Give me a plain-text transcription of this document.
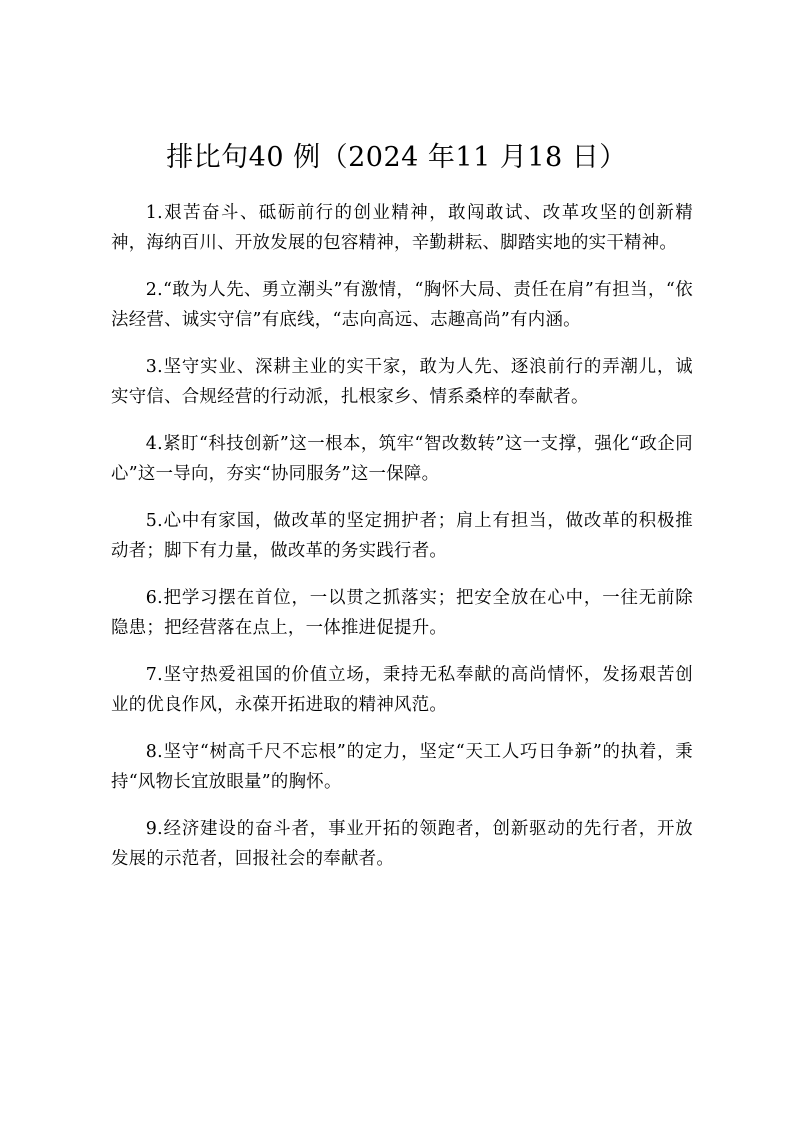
排比句40 例（2024 年11 月18 日）

1.艰苦奋斗、砥砺前行的创业精神，敢闯敢试、改革攻坚的创新精神，海纳百川、开放发展的包容精神，辛勤耕耘、脚踏实地的实干精神。

2.“敢为人先、勇立潮头”有激情，“胸怀大局、责任在肩”有担当，“依法经营、诚实守信”有底线，“志向高远、志趣高尚”有内涵。

3.坚守实业、深耕主业的实干家，敢为人先、逐浪前行的弄潮儿，诚实守信、合规经营的行动派，扎根家乡、情系桑梓的奉献者。

4.紧盯“科技创新”这一根本，筑牢“智改数转”这一支撑，强化“政企同心”这一导向，夯实“协同服务”这一保障。

5.心中有家国，做改革的坚定拥护者；肩上有担当，做改革的积极推动者；脚下有力量，做改革的务实践行者。

6.把学习摆在首位，一以贯之抓落实；把安全放在心中，一往无前除隐患；把经营落在点上，一体推进促提升。

7.坚守热爱祖国的价值立场，秉持无私奉献的高尚情怀，发扬艰苦创业的优良作风，永葆开拓进取的精神风范。

8.坚守“树高千尺不忘根”的定力，坚定“天工人巧日争新”的执着，秉持“风物长宜放眼量”的胸怀。

9.经济建设的奋斗者，事业开拓的领跑者，创新驱动的先行者，开放发展的示范者，回报社会的奉献者。
